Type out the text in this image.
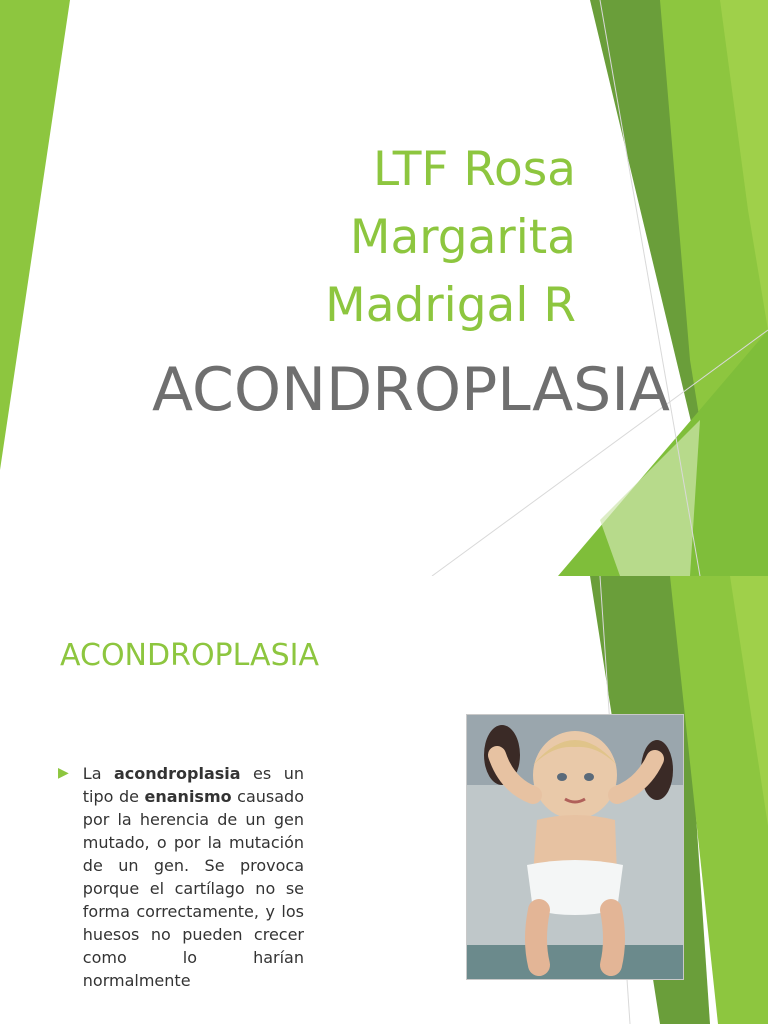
LTF Rosa
Margarita
Madrigal R
ACONDROPLASIA
ACONDROPLASIA
▶ La acondroplasia es un tipo de enanismo causado por la herencia de un gen mutado, o por la mutación de un gen. Se provoca porque el cartílago no se forma correctamente, y los huesos no pueden crecer como lo harían normalmente
